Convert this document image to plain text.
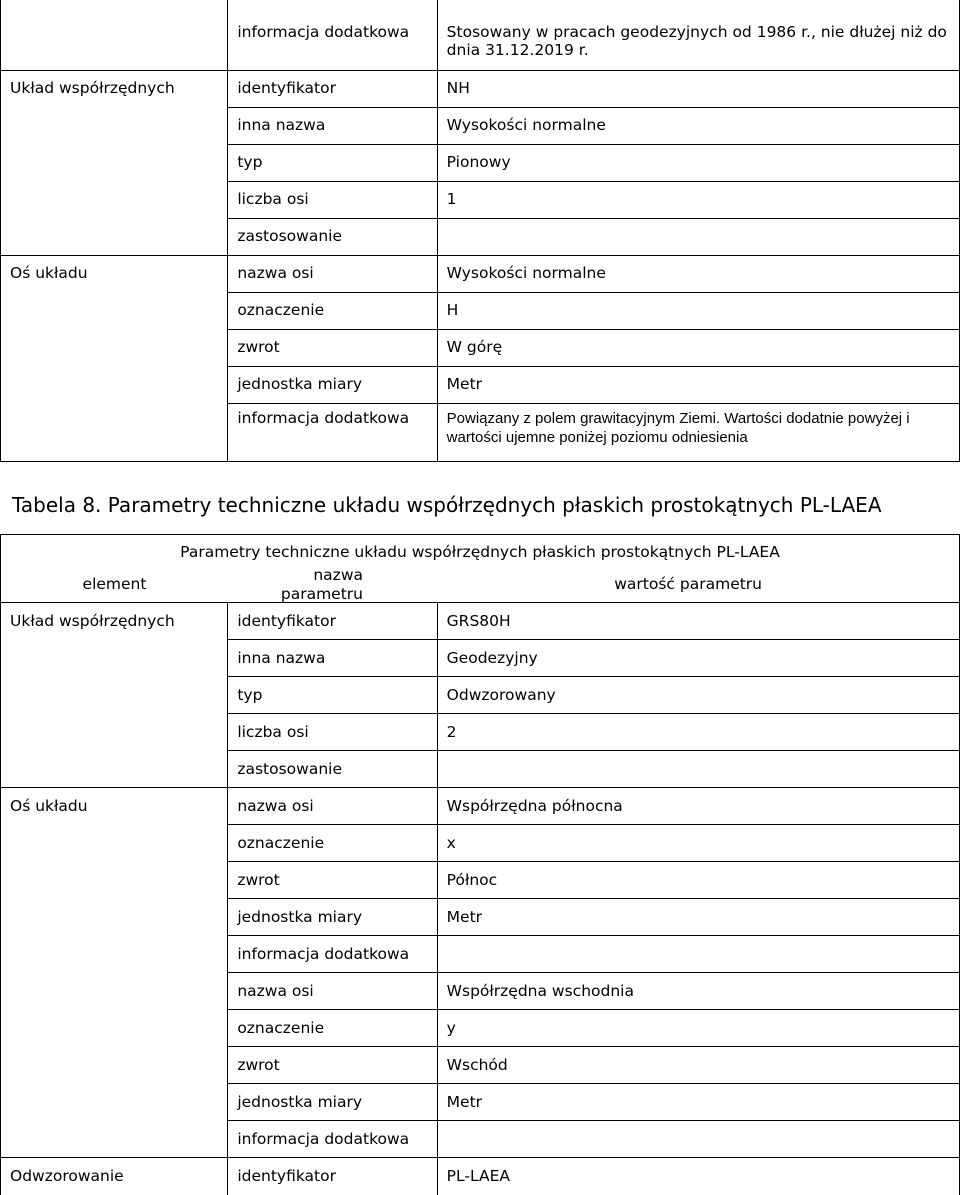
	informacja dodatkowa	Stosowany w pracach geodezyjnych od 1986 r., nie dłużej niż do dnia 31.12.2019 r.
Układ współrzędnych	identyfikator	NH
	inna nazwa	Wysokości normalne
	typ	Pionowy
	liczba osi	1
	zastosowanie	
Oś układu	nazwa osi	Wysokości normalne
	oznaczenie	H
	zwrot	W górę
	jednostka miary	Metr
	informacja dodatkowa	Powiązany z polem grawitacyjnym Ziemi. Wartości dodatnie powyżej i wartości ujemne poniżej poziomu odniesienia
Tabela 8. Parametry techniczne układu współrzędnych płaskich prostokątnych PL-LAEA
Parametry techniczne układu współrzędnych płaskich prostokątnych PL-LAEA
element	nazwa parametru	wartość parametru
Układ współrzędnych	identyfikator	GRS80H
	inna nazwa	Geodezyjny
	typ	Odwzorowany
	liczba osi	2
	zastosowanie	
Oś układu	nazwa osi	Współrzędna północna
	oznaczenie	x
	zwrot	Północ
	jednostka miary	Metr
	informacja dodatkowa	
	nazwa osi	Współrzędna wschodnia
	oznaczenie	y
	zwrot	Wschód
	jednostka miary	Metr
	informacja dodatkowa	
Odwzorowanie	identyfikator	PL-LAEA
